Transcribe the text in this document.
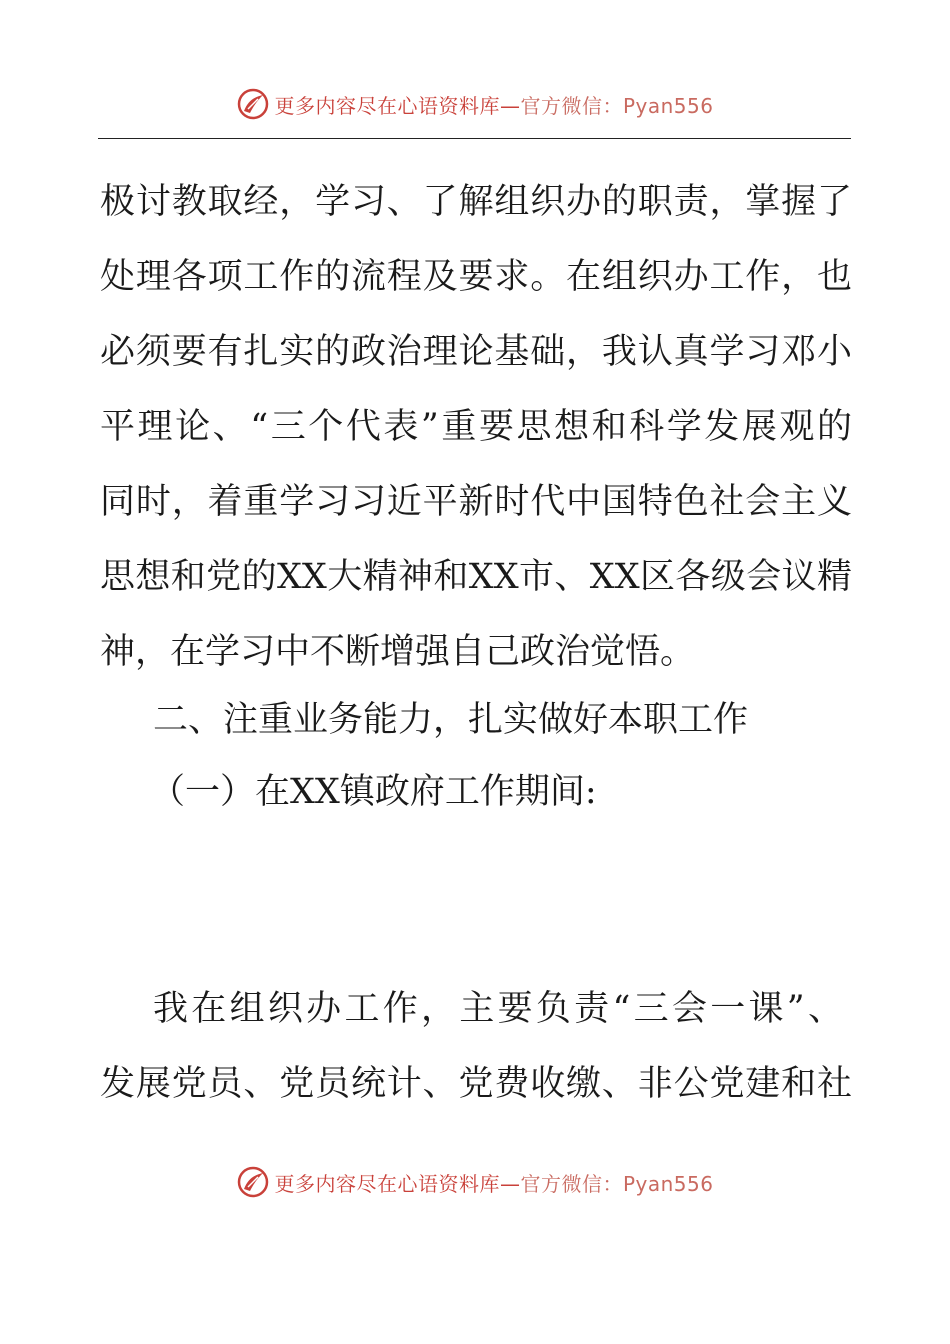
更多内容尽在心语资料库—官方微信：Pyan556
极讨教取经，学习、了解组织办的职责，掌握了
处理各项工作的流程及要求。在组织办工作，也
必须要有扎实的政治理论基础，我认真学习邓小
平理论、“三个代表”重要思想和科学发展观的
同时，着重学习习近平新时代中国特色社会主义
思想和党的XX大精神和XX市、XX区各级会议精
神，在学习中不断增强自己政治觉悟。
二、注重业务能力，扎实做好本职工作
（一）在XX镇政府工作期间:
我在组织办工作，主要负责“三会一课”、
发展党员、党员统计、党费收缴、非公党建和社
更多内容尽在心语资料库—官方微信：Pyan556
